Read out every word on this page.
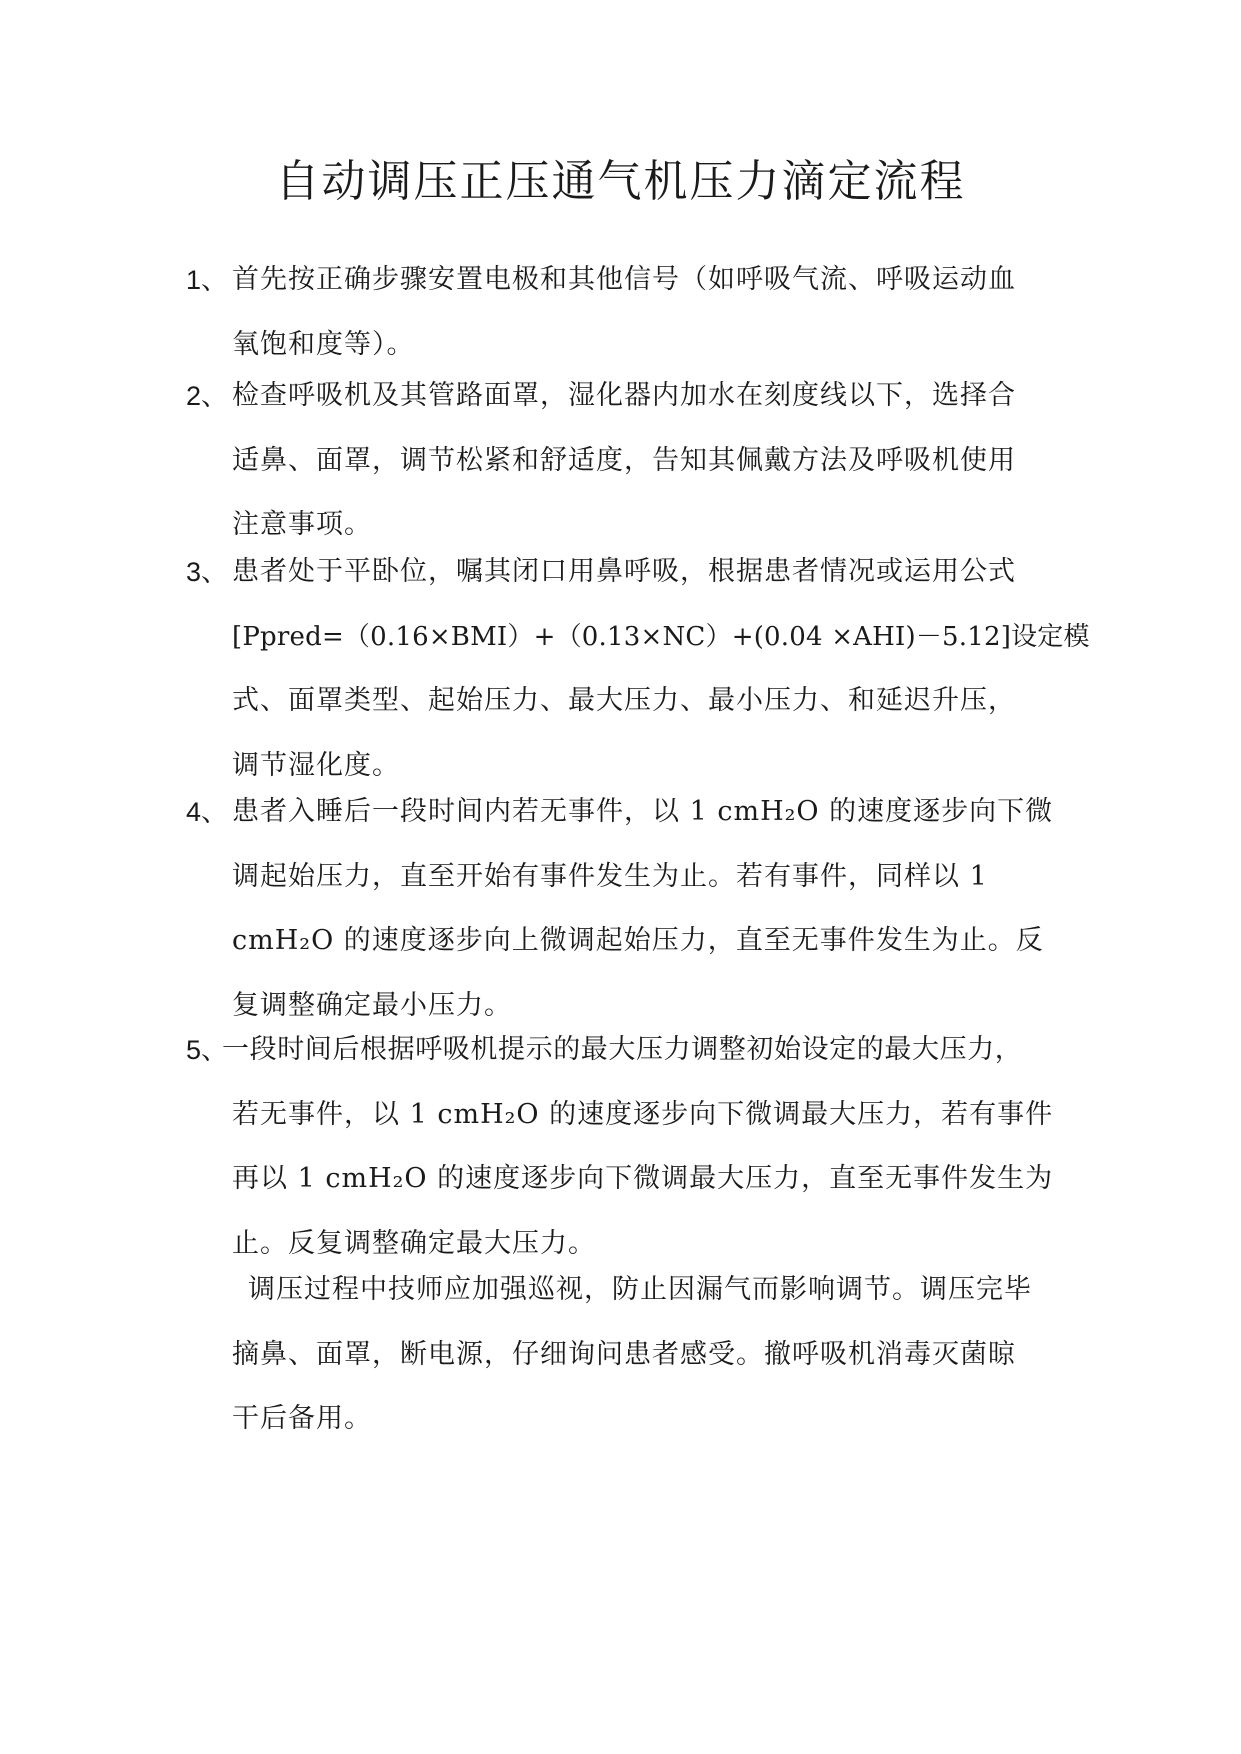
自动调压正压通气机压力滴定流程
1、 首先按正确步骤安置电极和其他信号（如呼吸气流、呼吸运动血
氧饱和度等）。
2、 检查呼吸机及其管路面罩，湿化器内加水在刻度线以下，选择合
适鼻、面罩，调节松紧和舒适度，告知其佩戴方法及呼吸机使用
注意事项。
3、 患者处于平卧位，嘱其闭口用鼻呼吸，根据患者情况或运用公式
[Ppred=（0.16×BMI）+（0.13×NC）+(0.04 ×AHI)－5.12]设定模
式、面罩类型、起始压力、最大压力、最小压力、和延迟升压，
调节湿化度。
4、 患者入睡后一段时间内若无事件，以 1 cmH₂O 的速度逐步向下微
调起始压力，直至开始有事件发生为止。若有事件，同样以 1
cmH₂O 的速度逐步向上微调起始压力，直至无事件发生为止。反
复调整确定最小压力。
5、
一段时间后根据呼吸机提示的最大压力调整初始设定的最大压力，
若无事件，以 1 cmH₂O 的速度逐步向下微调最大压力，若有事件
再以 1 cmH₂O 的速度逐步向下微调最大压力，直至无事件发生为
止。反复调整确定最大压力。
调压过程中技师应加强巡视，防止因漏气而影响调节。调压完毕
摘鼻、面罩，断电源，仔细询问患者感受。撤呼吸机消毒灭菌晾
干后备用。
